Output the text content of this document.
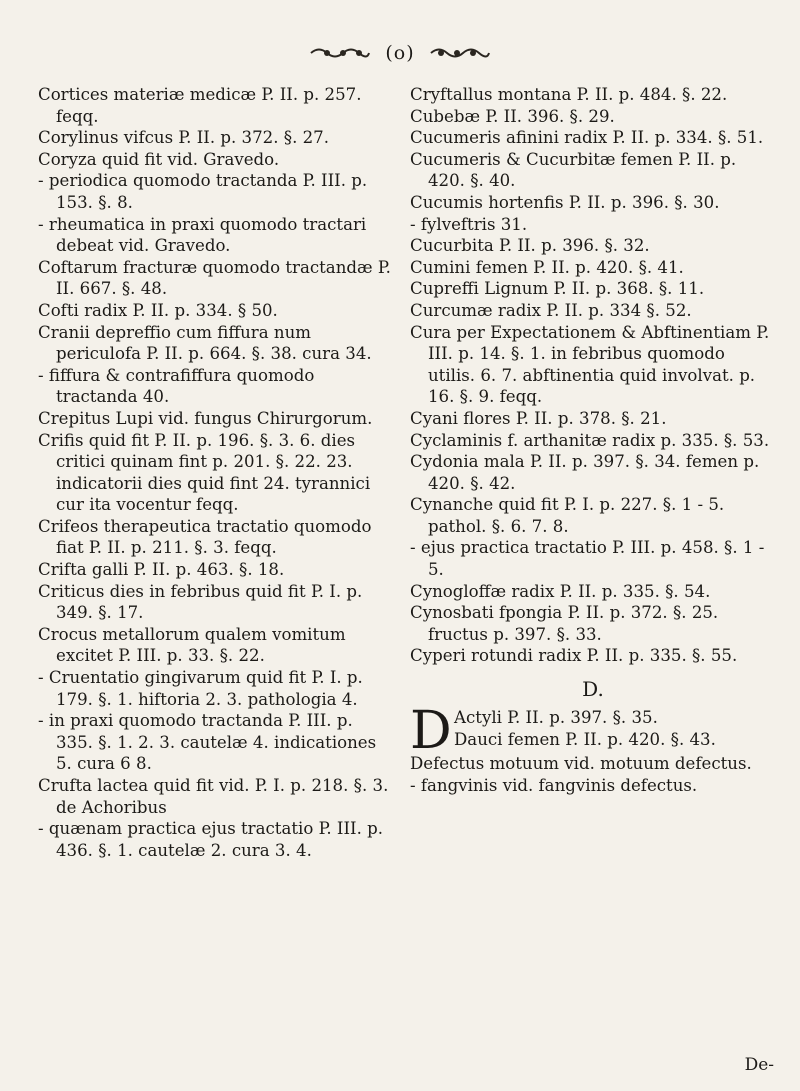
(o)

Cortices materiæ medicæ P. II. p. 257. feqq.

Corylinus vifcus P. II. p. 372. §. 27.

Coryza quid fit vid. Gravedo.

- periodica quomodo tractanda P. III. p. 153. §. 8.

- rheumatica in praxi quomodo tractari debeat vid. Gravedo.

Coftarum fracturæ quomodo tractandæ P. II. 667. §. 48.

Cofti radix P. II. p. 334. § 50.

Cranii depreffio cum fiffura num periculofa P. II. p. 664. §. 38. cura 34.

- fiffura & contrafiffura quomodo tractanda 40.

Crepitus Lupi vid. fungus Chirurgorum.

Crifis quid fit P. II. p. 196. §. 3. 6. dies critici quinam fint p. 201. §. 22. 23. indicatorii dies quid fint 24. tyrannici cur ita vocentur feqq.

Crifeos therapeutica tractatio quomodo fiat P. II. p. 211. §. 3. feqq.

Crifta galli P. II. p. 463. §. 18.

Criticus dies in febribus quid fit P. I. p. 349. §. 17.

Crocus metallorum qualem vomitum excitet P. III. p. 33. §. 22.

- Cruentatio gingivarum quid fit P. I. p. 179. §. 1. hiftoria 2. 3. pathologia 4.

- in praxi quomodo tractanda P. III. p. 335. §. 1. 2. 3. cautelæ 4. indicationes 5. cura 6 8.

Crufta lactea quid fit vid. P. I. p. 218. §. 3. de Achoribus

- quænam practica ejus tractatio P. III. p. 436. §. 1. cautelæ 2. cura 3. 4.

Cryftallus montana P. II. p. 484. §. 22.

Cubebæ P. II. 396. §. 29.

Cucumeris afinini radix P. II. p. 334. §. 51.

Cucumeris & Cucurbitæ femen P. II. p. 420. §. 40.

Cucumis hortenfis P. II. p. 396. §. 30.

- fylveftris 31.

Cucurbita P. II. p. 396. §. 32.

Cumini femen P. II. p. 420. §. 41.

Cupreffi Lignum P. II. p. 368. §. 11.

Curcumæ radix P. II. p. 334 §. 52.

Cura per Expectationem & Abftinentiam P. III. p. 14. §. 1. in febribus quomodo utilis. 6. 7. abftinentia quid involvat. p. 16. §. 9. feqq.

Cyani flores P. II. p. 378. §. 21.

Cyclaminis f. arthanitæ radix p. 335. §. 53.

Cydonia mala P. II. p. 397. §. 34. femen p. 420. §. 42.

Cynanche quid fit P. I. p. 227. §. 1 - 5. pathol. §. 6. 7. 8.

- ejus practica tractatio P. III. p. 458. §. 1 - 5.

Cynogloffæ radix P. II. p. 335. §. 54.

Cynosbati fpongia P. II. p. 372. §. 25. fructus p. 397. §. 33.

Cyperi rotundi radix P. II. p. 335. §. 55.

D.
D Actyli P. II. p. 397. §. 35.

Dauci femen P. II. p. 420. §. 43.

Defectus motuum vid. motuum defectus.

- fangvinis vid. fangvinis defectus.

De-
